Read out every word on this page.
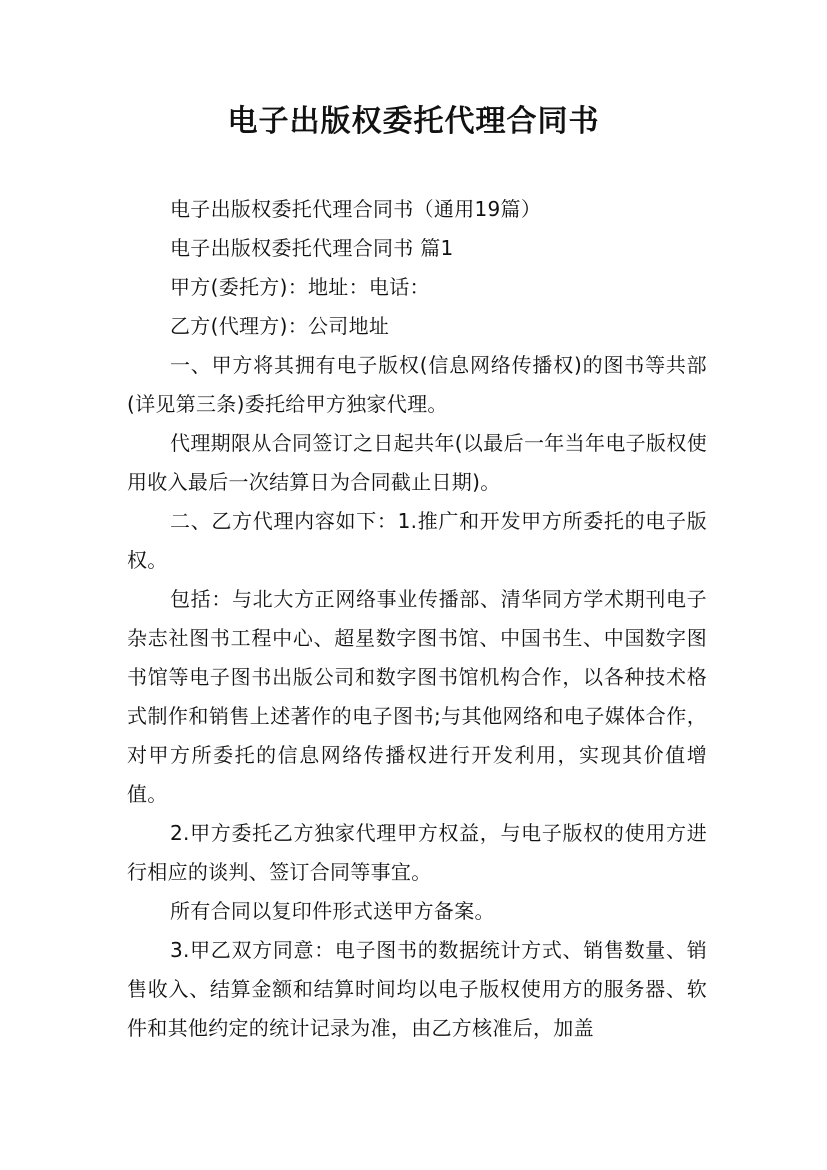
电子出版权委托代理合同书

电子出版权委托代理合同书（通用19篇）

电子出版权委托代理合同书 篇1

甲方(委托方)：地址：电话：

乙方(代理方)：公司地址

一、甲方将其拥有电子版权(信息网络传播权)的图书等共部(详见第三条)委托给甲方独家代理。

代理期限从合同签订之日起共年(以最后一年当年电子版权使用收入最后一次结算日为合同截止日期)。

二、乙方代理内容如下：1.推广和开发甲方所委托的电子版权。

包括：与北大方正网络事业传播部、清华同方学术期刊电子杂志社图书工程中心、超星数字图书馆、中国书生、中国数字图书馆等电子图书出版公司和数字图书馆机构合作，以各种技术格式制作和销售上述著作的电子图书;与其他网络和电子媒体合作，对甲方所委托的信息网络传播权进行开发利用，实现其价值增值。

2.甲方委托乙方独家代理甲方权益，与电子版权的使用方进行相应的谈判、签订合同等事宜。

所有合同以复印件形式送甲方备案。

3.甲乙双方同意：电子图书的数据统计方式、销售数量、销售收入、结算金额和结算时间均以电子版权使用方的服务器、软件和其他约定的统计记录为准，由乙方核准后，加盖
